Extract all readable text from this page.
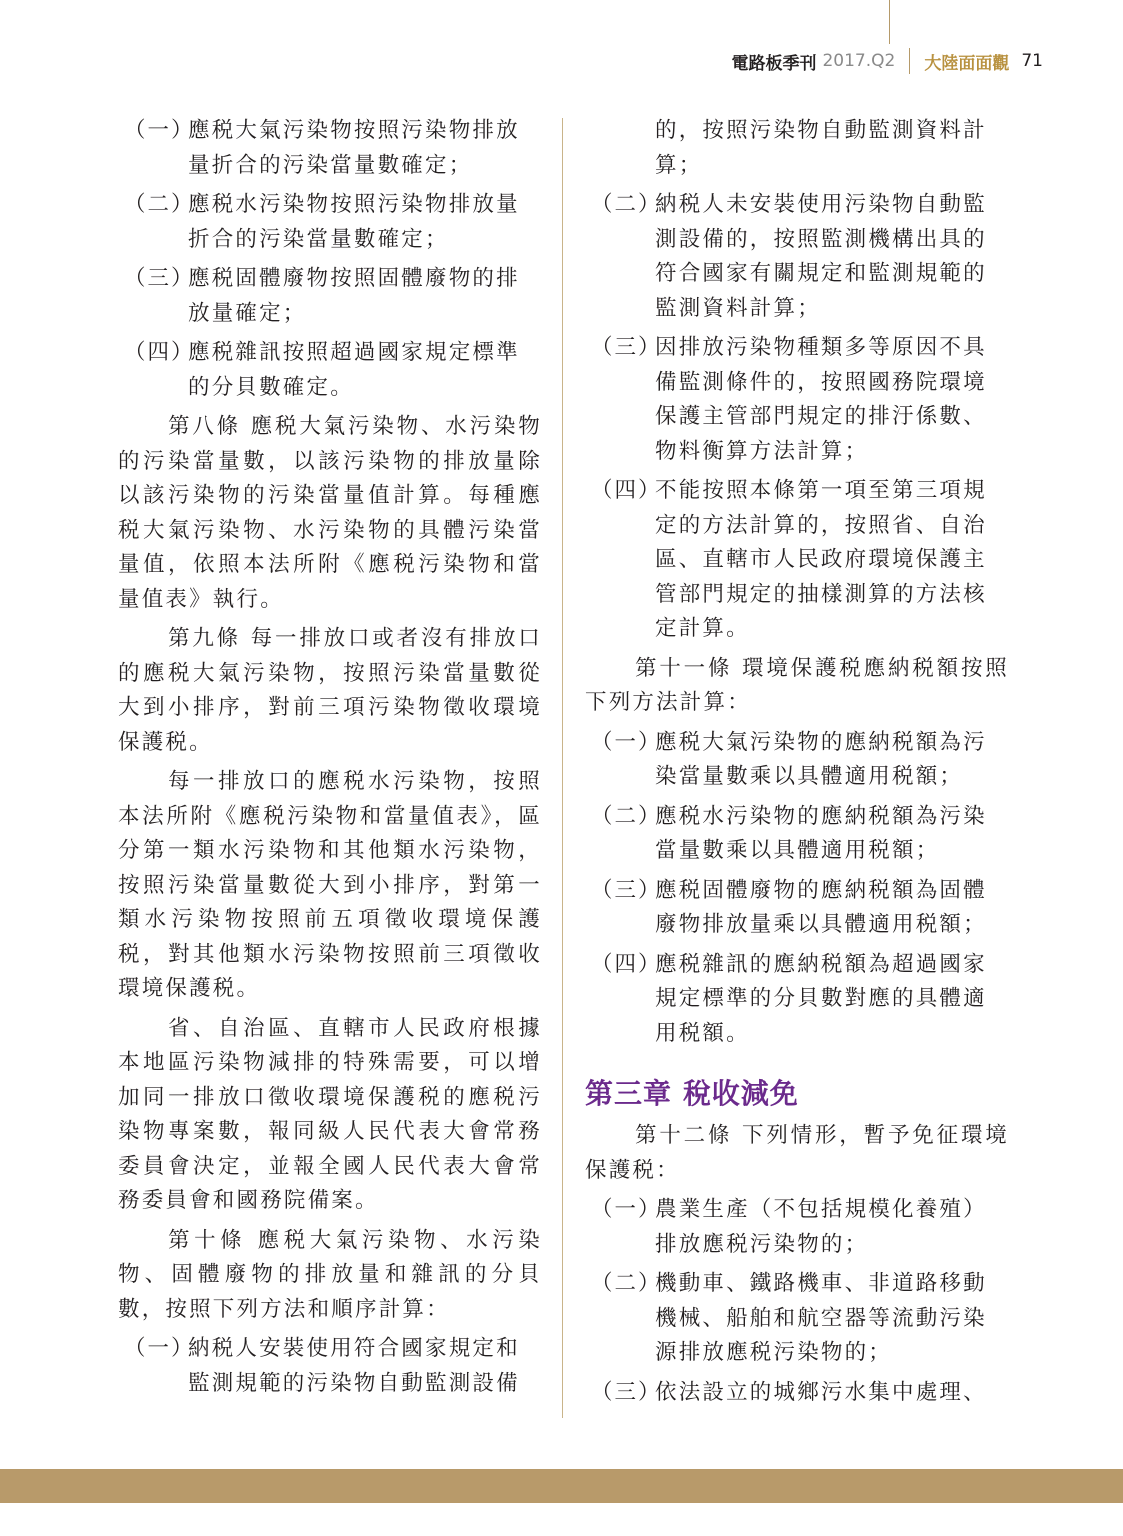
電路板季刊 2017.Q2 大陸面面觀 71
（一）
應税大氣污染物按照污染物排放量折合的污染當量數確定；
（二）
應税水污染物按照污染物排放量折合的污染當量數確定；
（三）
應税固體廢物按照固體廢物的排放量確定；
（四）
應税雜訊按照超過國家規定標準的分貝數確定。
第八條 應税大氣污染物、水污染物的污染當量數，以該污染物的排放量除以該污染物的污染當量值計算。每種應税大氣污染物、水污染物的具體污染當量值，依照本法所附《應税污染物和當量值表》執行。
第九條 每一排放口或者沒有排放口的應税大氣污染物，按照污染當量數從大到小排序，對前三項污染物徵收環境保護税。
每一排放口的應税水污染物，按照本法所附《應税污染物和當量值表》，區分第一類水污染物和其他類水污染物，按照污染當量數從大到小排序，對第一類水污染物按照前五項徵收環境保護税，對其他類水污染物按照前三項徵收環境保護税。
省、自治區、直轄市人民政府根據本地區污染物減排的特殊需要，可以增加同一排放口徵收環境保護税的應税污染物專案數，報同級人民代表大會常務委員會決定，並報全國人民代表大會常務委員會和國務院備案。
第十條 應税大氣污染物、水污染物、固體廢物的排放量和雜訊的分貝數，按照下列方法和順序計算：
（一）
納税人安裝使用符合國家規定和監測規範的污染物自動監測設備
的，按照污染物自動監測資料計算；
（二）
納税人未安裝使用污染物自動監測設備的，按照監測機構出具的符合國家有關規定和監測規範的監測資料計算；
（三）
因排放污染物種類多等原因不具備監測條件的，按照國務院環境保護主管部門規定的排汙係數、物料衡算方法計算；
（四）
不能按照本條第一項至第三項規定的方法計算的，按照省、自治區、直轄市人民政府環境保護主管部門規定的抽樣測算的方法核定計算。
第十一條 環境保護税應納税額按照下列方法計算：
（一）
應税大氣污染物的應納税額為污染當量數乘以具體適用税額；
（二）
應税水污染物的應納税額為污染當量數乘以具體適用税額；
（三）
應税固體廢物的應納税額為固體廢物排放量乘以具體適用税額；
（四）
應税雜訊的應納税額為超過國家規定標準的分貝數對應的具體適用税額。
第三章 稅收減免
第十二條 下列情形，暫予免征環境保護税：
（一）
農業生產（不包括規模化養殖）排放應税污染物的；
（二）
機動車、鐵路機車、非道路移動機械、船舶和航空器等流動污染源排放應税污染物的；
（三）
依法設立的城鄉污水集中處理、
